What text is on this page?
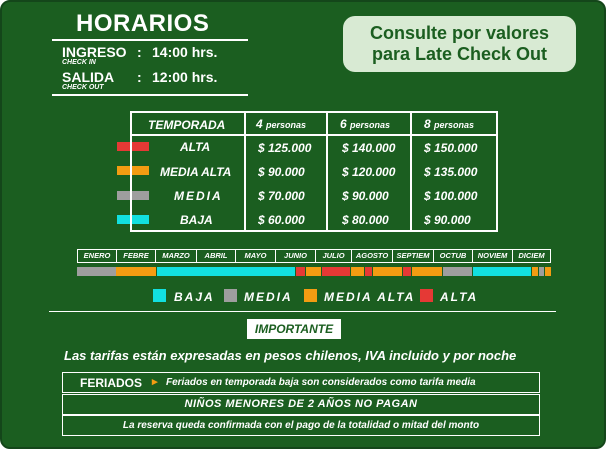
HORARIOS
INGRESO : 14:00 hrs.
CHECK IN
SALIDA : 12:00 hrs.
CHECK OUT
Consulte por valores
para Late Check Out
TEMPORADA	4 personas	6 personas	8 personas
ALTA	$ 125.000	$ 140.000 $ 150.000
MEDIA ALTA $ 90.000	$ 120.000 $ 135.000
MEDIA	$ 70.000	$ 90.000	$ 100.000
BAJA	$ 60.000	$ 80.000	$ 90.000
ENERO	FEBRE	MARZO	ABRIL	MAYO	JUNIO	JULIO	AGOSTO	SEPTIEM	OCTUB	NOVIEM	DICIEM
BAJA MEDIA	MEDIA ALTA ALTA
IMPORTANTE
Las tarifas están expresadas en pesos chilenos, IVA incluido y por noche
FERIADOS ▸ Feriados en temporada baja son considerados como tarifa media
NIÑOS MENORES DE 2 AÑOS NO PAGAN
La reserva queda confirmada con el pago de la totalidad o mitad del monto
